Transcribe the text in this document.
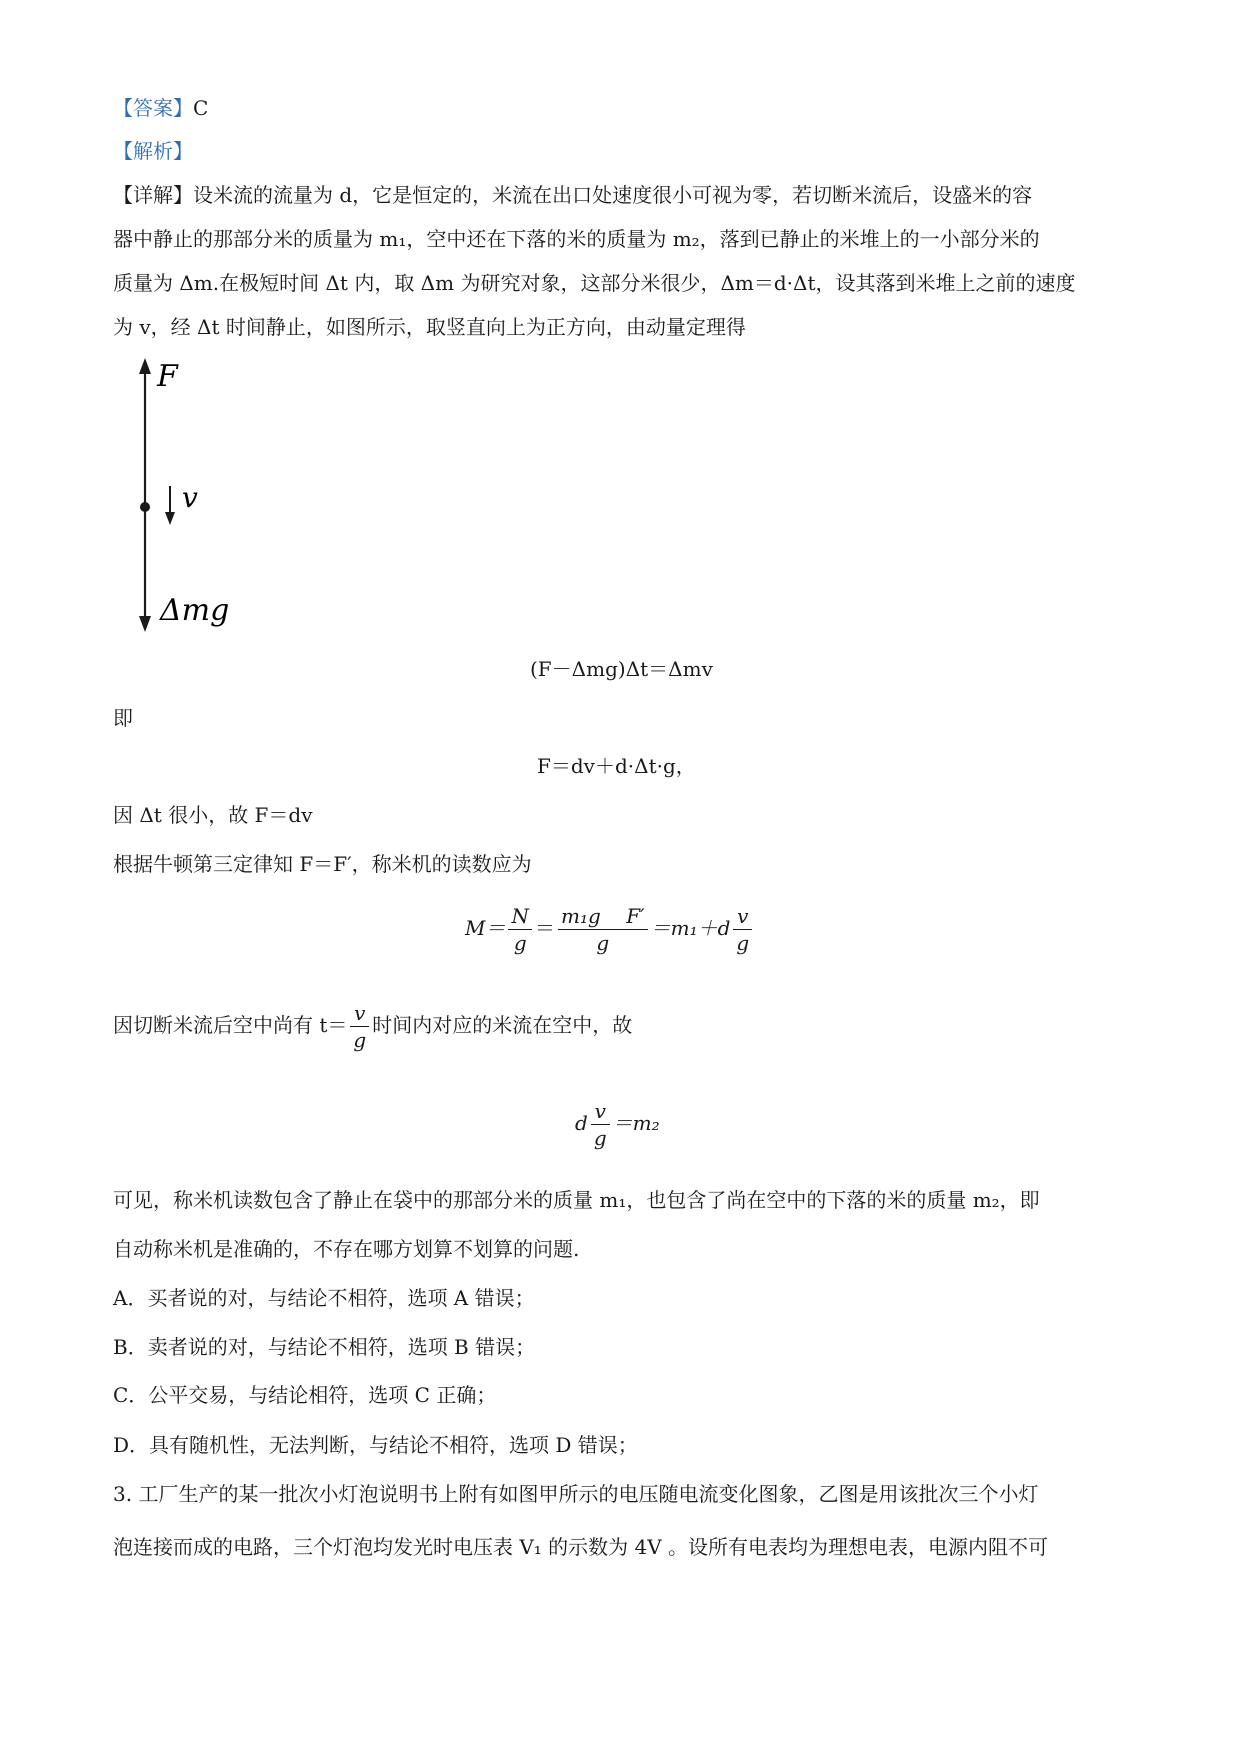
【答案】C
【解析】
【详解】设米流的流量为 d，它是恒定的，米流在出口处速度很小可视为零，若切断米流后，设盛米的容
器中静止的那部分米的质量为 m₁，空中还在下落的米的质量为 m₂，落到已静止的米堆上的一小部分米的
质量为 Δm.在极短时间 Δt 内，取 Δm 为研究对象，这部分米很少，Δm＝d·Δt，设其落到米堆上之前的速度
为 v，经 Δt 时间静止，如图所示，取竖直向上为正方向，由动量定理得
F
v
Δmg
(F－Δmg)Δt＝Δmv
即
F＝dv＋d·Δt·g，
因 Δt 很小，故 F＝dv
根据牛顿第三定律知 F＝F′，称米机的读数应为
$M= \frac{N}{g} = \frac{\text{m₁g    F′}}{g} =m_1+d \frac{v}{g}$
因切断米流后空中尚有 $t= \frac{v}{g}$ 时间内对应的米流在空中，故
d $\frac{v}{g} =m_2$
可见，称米机读数包含了静止在袋中的那部分米的质量 m₁，也包含了尚在空中的下落的米的质量 m₂，即
自动称米机是准确的，不存在哪方划算不划算的问题.
A．买者说的对，与结论不相符，选项 A 错误；
B．卖者说的对，与结论不相符，选项 B 错误；
C．公平交易，与结论相符，选项 C 正确；
D．具有随机性，无法判断，与结论不相符，选项 D 错误；
3. 工厂生产的某一批次小灯泡说明书上附有如图甲所示的电压随电流变化图象，乙图是用该批次三个小灯
泡连接而成的电路，三个灯泡均发光时电压表 V₁ 的示数为 4V 。设所有电表均为理想电表，电源内阻不可
